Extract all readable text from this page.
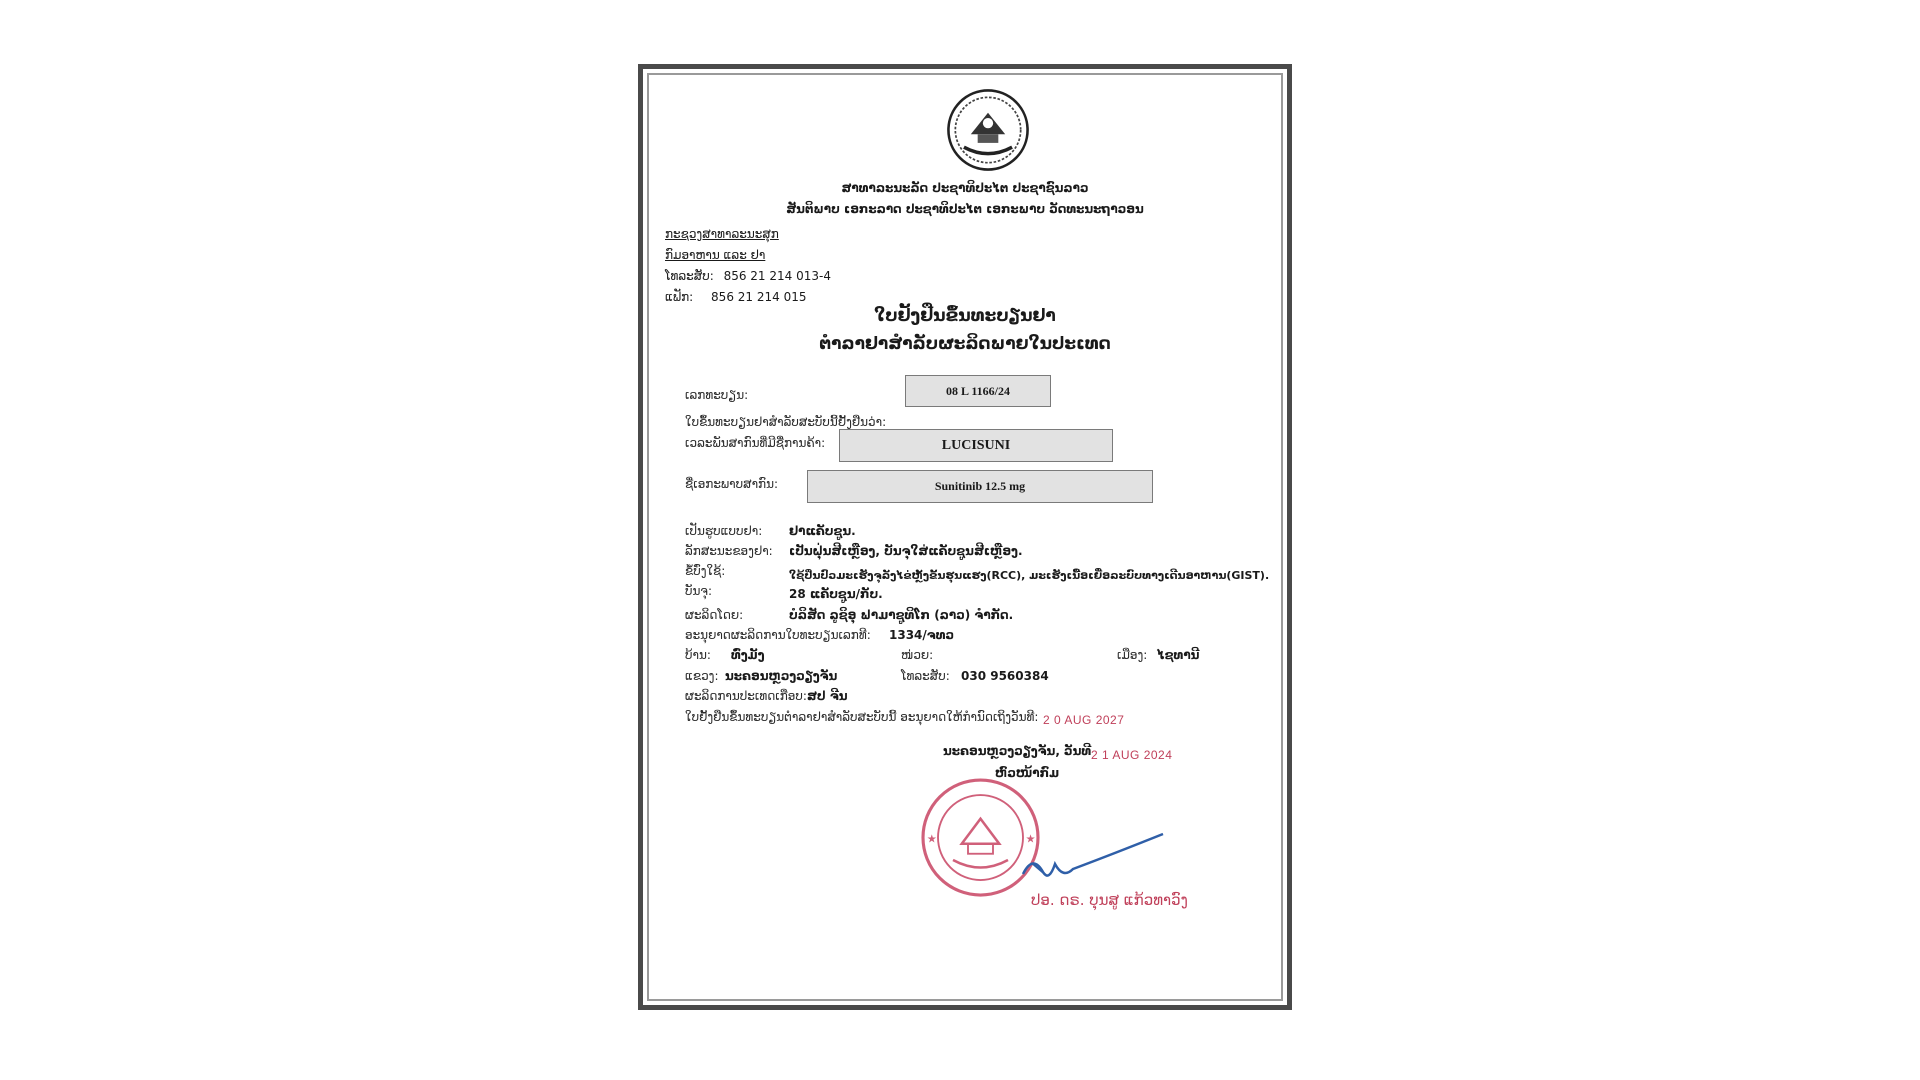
ສາທາລະນະລັດ ປະຊາທິປະໄຕ ປະຊາຊົນລາວ
ສັນຕິພາບ ເອກະລາດ ປະຊາທິປະໄຕ ເອກະພາບ ວັດທະນະຖາວອນ
ກະຊວງສາທາລະນະສຸກ
ກົມອາຫານ ແລະ ຢາ
ໂທລະສັບ: 856 21 214 013-4
ແຟັກ: 856 21 214 015
ໃບຢັ້ງຢືນຂຶ້ນທະບຽນຢາ
ຕໍາລາຢາສໍາລັບຜະລິດພາຍໃນປະເທດ
ເລກທະບຽນ:	08 L 1166/24
ໃບຂຶ້ນທະບຽນຢາສໍາລັບສະບັບນີ້ຢັ້ງຢືນວ່າ:
ເວລະພັນສາກົນທີ່ມີຊື່ການຄ້າ:	LUCISUNI
ຊື່ເອກະພາບສາກົນ:	Sunitinib 12.5 mg
ເປັນຮູບແບບຢາ: ຢາແຄັບຊູນ.
ລັກສະນະຂອງຢາ: ເປັນຝຸ່ນສີເຫຼືອງ, ບັນຈຸໃສ່ແຄັບຊູນສີເຫຼືອງ.
ຂໍ້ບົ່ງໃຊ້:	ໃຊ້ປິ່ນປົວມະເຮັງຈຸລັງໄຂ່ຫຼັງຂັ້ນຮຸນແຮງ(RCC), ມະເຮັງເນື້ອເຍື່ອລະບົບທາງເດີນອາຫານ(GIST).
ບັນຈຸ:	28 ແຄັບຊູນ/ກັບ.
ຜະລິດໂດຍ:	ບໍລິສັດ ລູຊິອຸ ຟາມາຊູທິໂກ (ລາວ) ຈໍາກັດ.
ອະນຸຍາດຜະລິດການໃບທະບຽນເລກທີ: 1334/ຈທວ
ບ້ານ: ທົ່ງມັງ	ໜ່ວຍ:	ເມືອງ: ໄຊທານີ
ແຂວງ: ນະຄອນຫຼວງວຽງຈັນ	ໂທລະສັບ: 030 9560384
ຜະລິດການປະເທດເກືອບ: ສປ ຈີນ
ໃບຢັ້ງຢືນຂຶ້ນທະບຽນຕໍາລາຢາສໍາລັບສະບັບນີ້ ອະນຸຍາດໃຫ້ກໍານົດເຖິງວັນທີ: 2 0 AUG 2027
ນະຄອນຫຼວງວຽງຈັນ, ວັນທີ 2 1 AUG 2024
ຫົວໜ້າກົມ
★	★
ປອ. ດຣ. ບຸນສູ ແກ້ວທາວົງ
